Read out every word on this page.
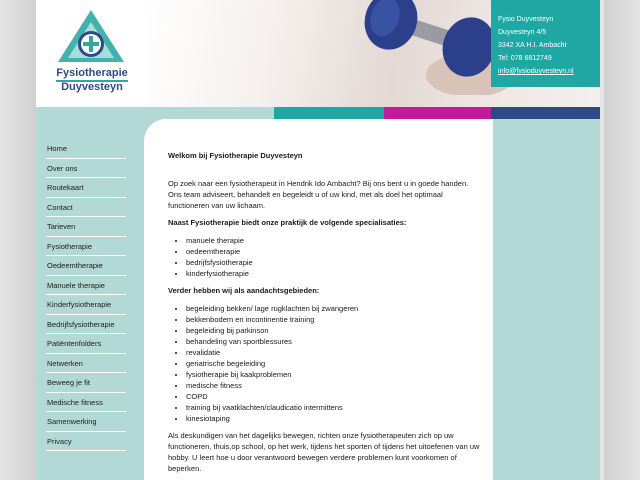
Fysiotherapie
Duyvesteyn
Fysio Duyvesteyn
Duyvesteyn 4/5
3342 XA H.I. Ambacht
Tel: 078 6812749
info@fysioduyvesteyn.nl
Home
Over ons
Routekaart
Contact
Tarieven
Fysiotherapie
Oedeemtherapie
Manuele therapie
Kinderfysiotherapie
Bedrijfsfysiotherapie
Patiëntenfolders
Netwerken
Beweeg je fit
Medische fitness
Samenwerking
Privacy
Welkom bij Fysiotherapie Duyvesteyn

Op zoek naar een fysiotherapeut in Hendrik Ido Ambacht? Bij ons bent u in goede handen. Ons team adviseert, behandelt en begeleidt u of uw kind, met als doel het optimaal functioneren van uw lichaam.

Naast Fysiotherapie biedt onze praktijk de volgende specialisaties:
• manuele therapie
• oedeemtherapie
• bedrijfsfysiotherapie
• kinderfysiotherapie
Verder hebben wij als aandachtsgebieden:
• begeleiding bekken/ lage rugklachten bij zwangeren
• bekkenbodem en incontinentie training
• begeleiding bij parkinson
• behandeling van sportblessures
• revalidatie
• geriatrische begeleiding
• fysiotherapie bij kaakproblemen
• medische fitness
• COPD
• training bij vaatklachten/claudicatio intermittens
• kinesiotaping

Als deskundigen van het dagelijks bewegen, richten onze fysiotherapeuten zich op uw functioneren, thuis,op school, op het werk, tijdens het sporten of tijdens het uitoefenen van uw hobby. U leert hoe u door verantwoord bewegen verdere problemen kunt voorkomen of beperken.
